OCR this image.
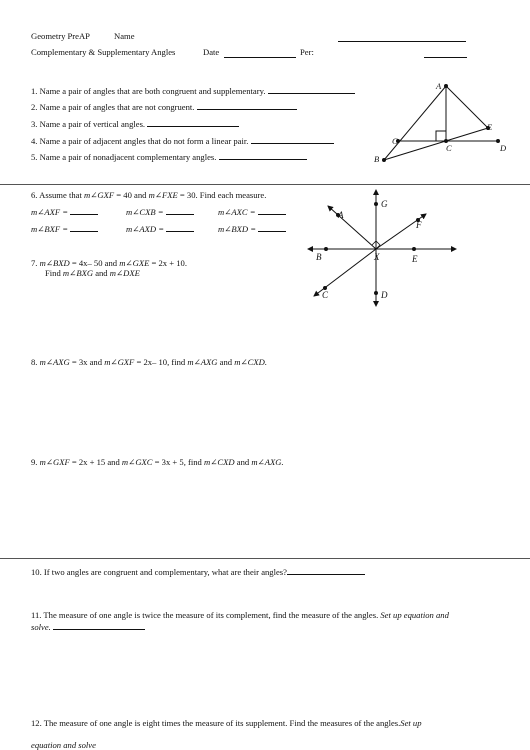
Geometry PreAP	Name
Complementary & Supplementary Angles	Date	Per:
1. Name a pair of angles that are both congruent and supplementary.
2. Name a pair of angles that are not congruent.
3. Name a pair of vertical angles.
4. Name a pair of adjacent angles that do not form a linear pair.
5. Name a pair of nonadjacent complementary angles.
A
B
C
C
E
D
6. Assume that m∠GXF = 40 and m∠FXE = 30. Find each measure.
m∠AXF =	m∠CXB =	m∠AXC =
m∠BXF =	m∠AXD =	m∠BXD =
7. m∠BXD = 4x– 50 and m∠GXE = 2x + 10.
Find m∠BXG and m∠DXE
G
A
F
B	X	E
C	D
8. m∠AXG = 3x and m∠GXF = 2x– 10, find m∠AXG and m∠CXD.
9. m∠GXF = 2x + 15 and m∠GXC = 3x + 5, find m∠CXD and m∠AXG.
10. If two angles are congruent and complementary, what are their angles?
11. The measure of one angle is twice the measure of its complement, find the measure of the angles. Set up equation and
solve.
12. The measure of one angle is eight times the measure of its supplement. Find the measures of the angles.Set up
equation and solve
